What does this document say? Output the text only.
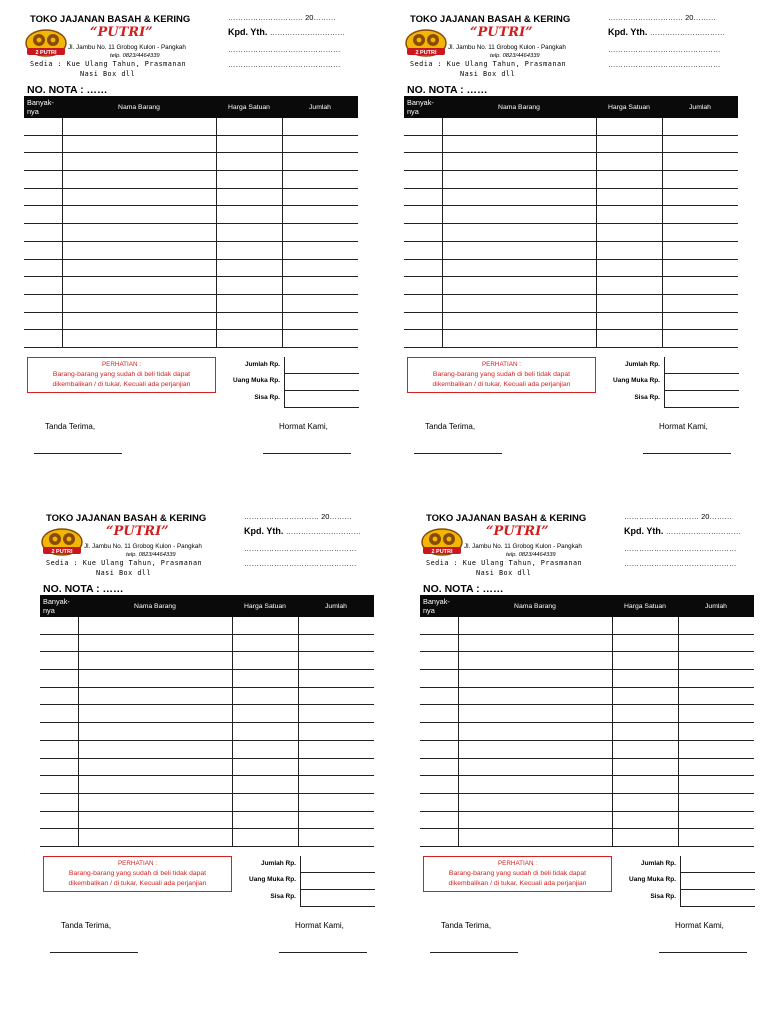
TOKO JAJANAN BASAH & KERING
2 PUTRI
“PUTRI”
Jl. Jambu No. 11 Grobog Kulon - Pangkah
telp. 0823/4464339
Sedia : Kue Ulang Tahun, Prasmanan
Nasi Box dll
………………………… 20………
Kpd. Yth. …………………………
………………………………………
………………………………………
NO. NOTA : ……
Banyak-
nya	Nama Barang	Harga Satuan	Jumlah

PERHATIAN :
Barang-barang yang sudah di beli tidak dapat
dikembalikan / di tukar, Kecuali ada perjanjian
Jumlah Rp.
Uang Muka Rp.
Sisa Rp.
Tanda Terima,	Hormat Kami,
TOKO JAJANAN BASAH & KERING
2 PUTRI
“PUTRI”
Jl. Jambu No. 11 Grobog Kulon - Pangkah
telp. 0823/4464339
Sedia : Kue Ulang Tahun, Prasmanan
Nasi Box dll
………………………… 20………
Kpd. Yth. …………………………
………………………………………
………………………………………
NO. NOTA : ……
Banyak-
nya	Nama Barang	Harga Satuan	Jumlah

PERHATIAN :
Barang-barang yang sudah di beli tidak dapat
dikembalikan / di tukar, Kecuali ada perjanjian
Jumlah Rp.
Uang Muka Rp.
Sisa Rp.
Tanda Terima,	Hormat Kami,
TOKO JAJANAN BASAH & KERING
2 PUTRI
“PUTRI”
Jl. Jambu No. 11 Grobog Kulon - Pangkah
telp. 0823/4464339
Sedia : Kue Ulang Tahun, Prasmanan
Nasi Box dll
………………………… 20………
Kpd. Yth. …………………………
………………………………………
………………………………………
NO. NOTA : ……
Banyak-
nya	Nama Barang	Harga Satuan	Jumlah

PERHATIAN :
Barang-barang yang sudah di beli tidak dapat
dikembalikan / di tukar, Kecuali ada perjanjian
Jumlah Rp.
Uang Muka Rp.
Sisa Rp.
Tanda Terima,	Hormat Kami,
TOKO JAJANAN BASAH & KERING
2 PUTRI
“PUTRI”
Jl. Jambu No. 11 Grobog Kulon - Pangkah
telp. 0823/4464339
Sedia : Kue Ulang Tahun, Prasmanan
Nasi Box dll
………………………… 20………
Kpd. Yth. …………………………
………………………………………
………………………………………
NO. NOTA : ……
Banyak-
nya	Nama Barang	Harga Satuan	Jumlah

PERHATIAN :
Barang-barang yang sudah di beli tidak dapat
dikembalikan / di tukar, Kecuali ada perjanjian
Jumlah Rp.
Uang Muka Rp.
Sisa Rp.
Tanda Terima,	Hormat Kami,
